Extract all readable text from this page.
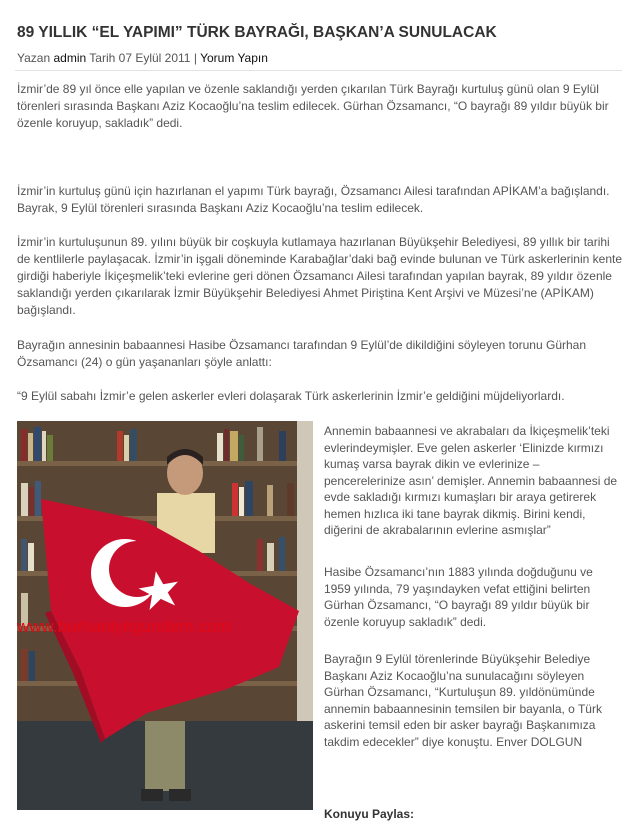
89 YILLIK “EL YAPIMI” TÜRK BAYRAĞI, BAŞKAN’A SUNULACAK
Yazan admin Tarih 07 Eylül 2011 | Yorum Yapın

İzmir’de 89 yıl önce elle yapılan ve özenle saklandığı yerden çıkarılan Türk Bayrağı kurtuluş günü olan 9 Eylül törenleri sırasında Başkanı Aziz Kocaoğlu’na teslim edilecek. Gürhan Özsamancı, “O bayrağı 89 yıldır büyük bir özenle koruyup, sakladık” dedi.

İzmir’in kurtuluş günü için hazırlanan el yapımı Türk bayrağı, Özsamancı Ailesi tarafından APİKAM’a bağışlandı. Bayrak, 9 Eylül törenleri sırasında Başkanı Aziz Kocaoğlu’na teslim edilecek.

İzmir’in kurtuluşunun 89. yılını büyük bir coşkuyla kutlamaya hazırlanan Büyükşehir Belediyesi, 89 yıllık bir tarihi de kentlilerle paylaşacak. İzmir’in işgali döneminde Karabağlar’daki bağ evinde bulunan ve Türk askerlerinin kente girdiği haberiyle İkiçeşmelik’teki evlerine geri dönen Özsamancı Ailesi tarafından yapılan bayrak, 89 yıldır özenle saklandığı yerden çıkarılarak İzmir Büyükşehir Belediyesi Ahmet Piriştina Kent Arşivi ve Müzesi’ne (APİKAM) bağışlandı.

Bayrağın annesinin babaannesi Hasibe Özsamancı tarafından 9 Eylül’de dikildiğini söyleyen torunu Gürhan Özsamancı (24) o gün yaşananları şöyle anlattı:

“9 Eylül sabahı İzmir’e gelen askerler evleri dolaşarak Türk askerlerinin İzmir’e geldiğini müjdeliyorlardı.

www.burhaniyegundem.com

Annemin babaannesi ve akrabaları da İkiçeşmelik’teki evlerindeymişler. Eve gelen askerler ‘Elinizde kırmızı kumaş varsa bayrak dikin ve evlerinize – pencerelerinize asın’ demişler. Annemin babaannesi de evde sakladığı kırmızı kumaşları bir araya getirerek hemen hızlıca iki tane bayrak dikmiş. Birini kendi, diğerini de akrabalarının evlerine asmışlar”

Hasibe Özsamancı’nın 1883 yılında doğduğunu ve 1959 yılında, 79 yaşındayken vefat ettiğini belirten Gürhan Özsamancı, “O bayrağı 89 yıldır büyük bir özenle koruyup sakladık” dedi.

Bayrağın 9 Eylül törenlerinde Büyükşehir Belediye Başkanı Aziz Kocaoğlu’na sunulacağını söyleyen Gürhan Özsamancı, “Kurtuluşun 89. yıldönümünde annemin babaannesinin temsilen bir bayanla, o Türk askerini temsil eden bir asker bayrağı Başkanımıza takdim edecekler” diye konuştu. Enver DOLGUN

Konuyu Paylas:
